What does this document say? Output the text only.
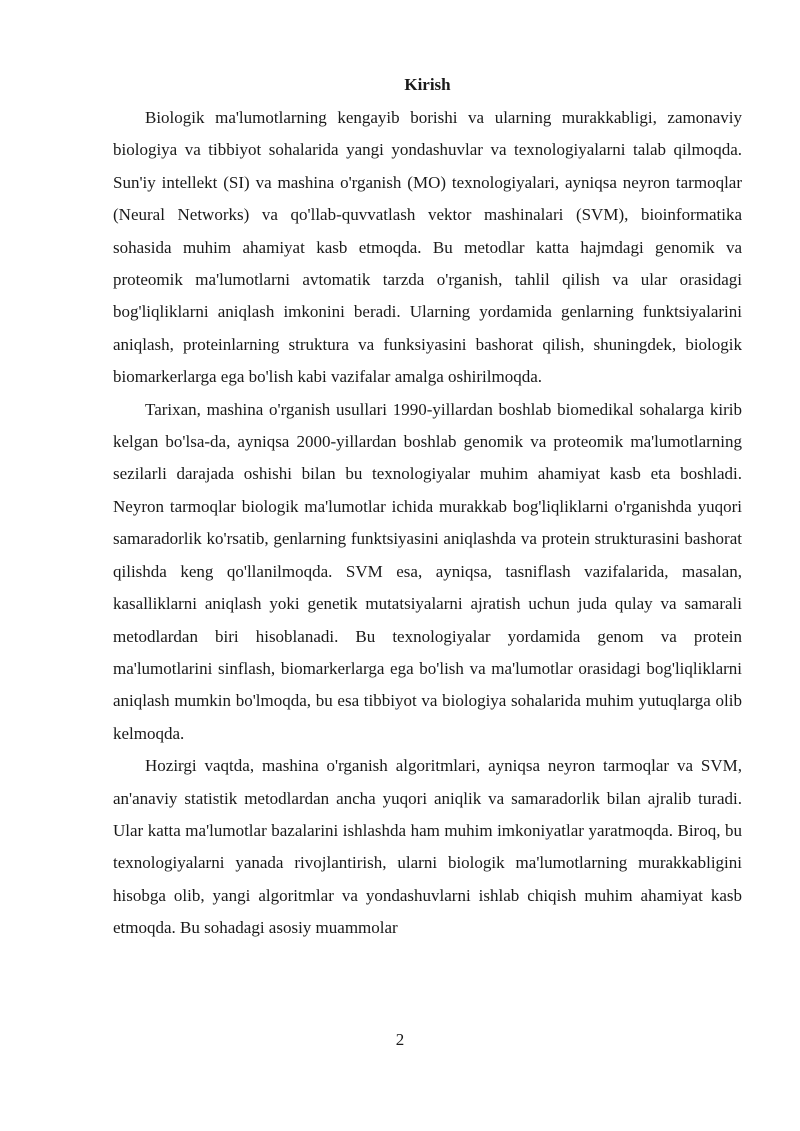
Kirish

Biologik ma'lumotlarning kengayib borishi va ularning murakkabligi, zamonaviy biologiya va tibbiyot sohalarida yangi yondashuvlar va texnologiyalarni talab qilmoqda. Sun'iy intellekt (SI) va mashina o'rganish (MO) texnologiyalari, ayniqsa neyron tarmoqlar (Neural Networks) va qo'llab-quvvatlash vektor mashinalari (SVM), bioinformatika sohasida muhim ahamiyat kasb etmoqda. Bu metodlar katta hajmdagi genomik va proteomik ma'lumotlarni avtomatik tarzda o'rganish, tahlil qilish va ular orasidagi bog'liqliklarni aniqlash imkonini beradi. Ularning yordamida genlarning funktsiyalarini aniqlash, proteinlarning struktura va funksiyasini bashorat qilish, shuningdek, biologik biomarkerlarga ega bo'lish kabi vazifalar amalga oshirilmoqda.

Tarixan, mashina o'rganish usullari 1990-yillardan boshlab biomedikal sohalarga kirib kelgan bo'lsa-da, ayniqsa 2000-yillardan boshlab genomik va proteomik ma'lumotlarning sezilarli darajada oshishi bilan bu texnologiyalar muhim ahamiyat kasb eta boshladi. Neyron tarmoqlar biologik ma'lumotlar ichida murakkab bog'liqliklarni o'rganishda yuqori samaradorlik ko'rsatib, genlarning funktsiyasini aniqlashda va protein strukturasini bashorat qilishda keng qo'llanilmoqda. SVM esa, ayniqsa, tasniflash vazifalarida, masalan, kasalliklarni aniqlash yoki genetik mutatsiyalarni ajratish uchun juda qulay va samarali metodlardan biri hisoblanadi. Bu texnologiyalar yordamida genom va protein ma'lumotlarini sinflash, biomarkerlarga ega bo'lish va ma'lumotlar orasidagi bog'liqliklarni aniqlash mumkin bo'lmoqda, bu esa tibbiyot va biologiya sohalarida muhim yutuqlarga olib kelmoqda.

Hozirgi vaqtda, mashina o'rganish algoritmlari, ayniqsa neyron tarmoqlar va SVM, an'anaviy statistik metodlardan ancha yuqori aniqlik va samaradorlik bilan ajralib turadi. Ular katta ma'lumotlar bazalarini ishlashda ham muhim imkoniyatlar yaratmoqda. Biroq, bu texnologiyalarni yanada rivojlantirish, ularni biologik ma'lumotlarning murakkabligini hisobga olib, yangi algoritmlar va yondashuvlarni ishlab chiqish muhim ahamiyat kasb etmoqda. Bu sohadagi asosiy muammolar

2
